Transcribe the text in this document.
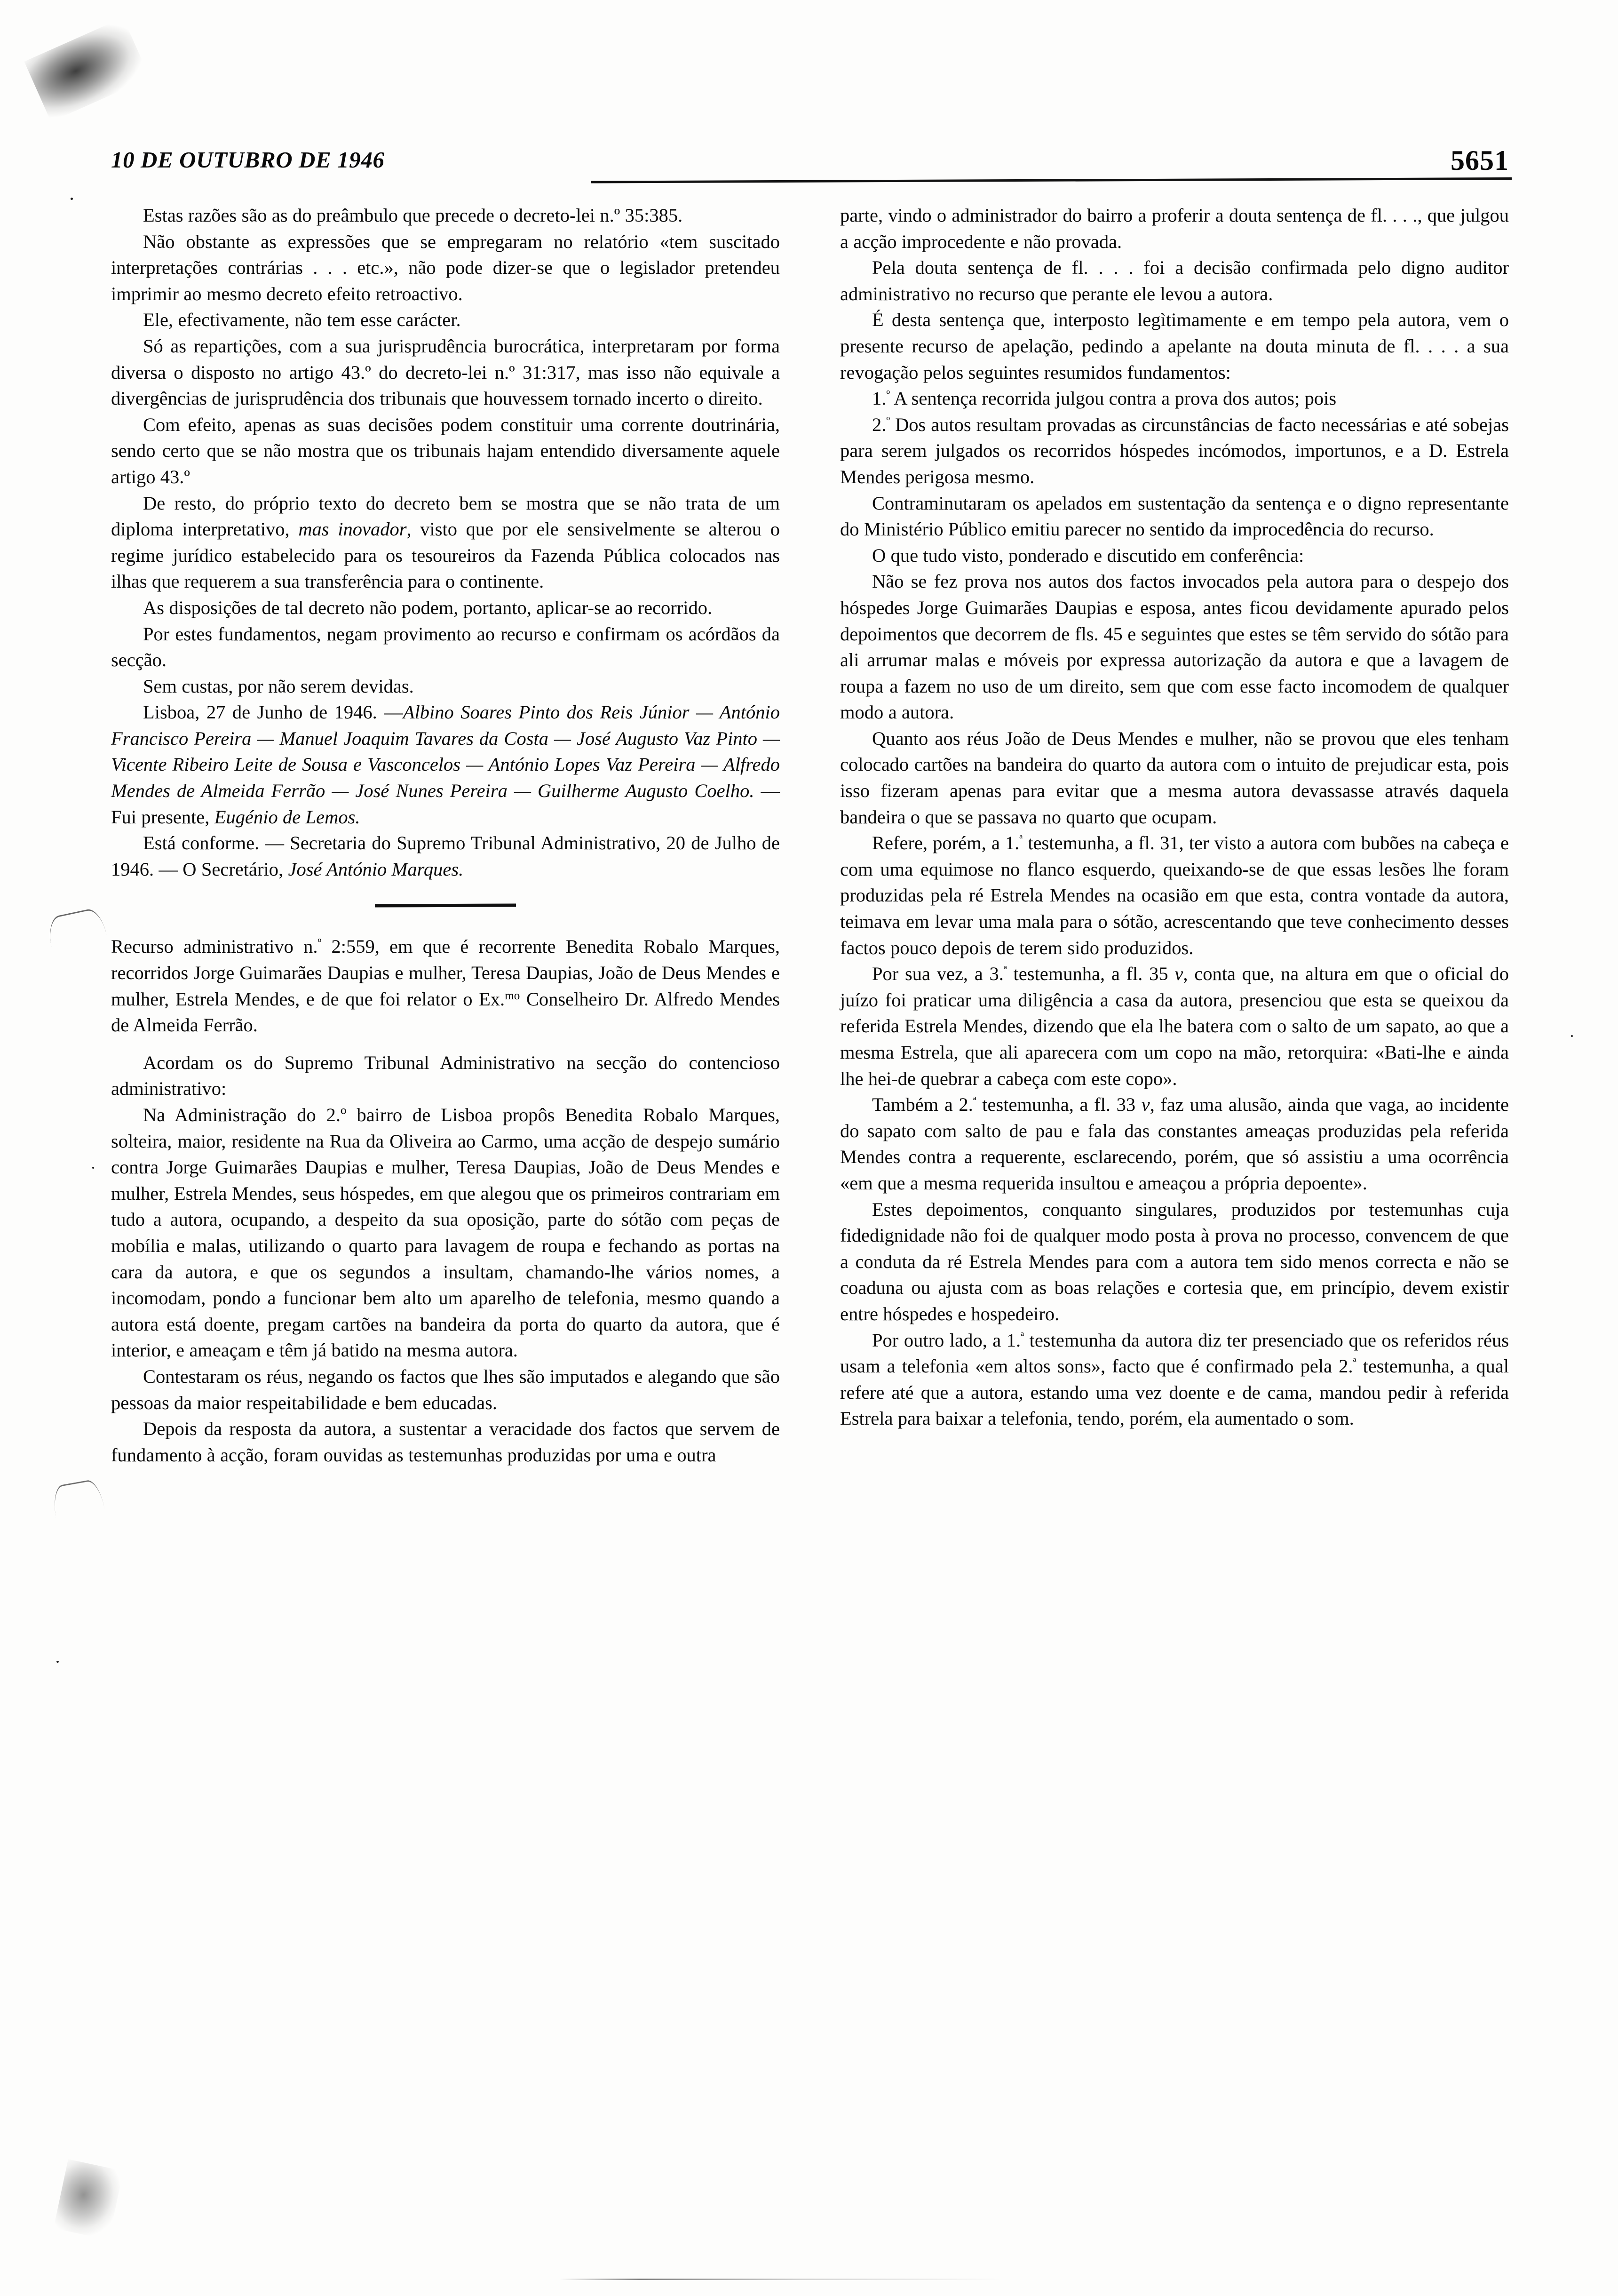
10 DE OUTUBRO DE 1946	5651

Estas razões são as do preâmbulo que precede o decreto-lei n.º 35:385.

Não obstante as expressões que se empregaram no relatório «tem suscitado interpretações contrárias . . . etc.», não pode dizer-se que o legislador pretendeu imprimir ao mesmo decreto efeito retroactivo.

Ele, efectivamente, não tem esse carácter.

Só as repartições, com a sua jurisprudência burocrática, interpretaram por forma diversa o disposto no artigo 43.º do decreto-lei n.º 31:317, mas isso não equivale a divergências de jurisprudência dos tribunais que houvessem tornado incerto o direito.

Com efeito, apenas as suas decisões podem constituir uma corrente doutrinária, sendo certo que se não mostra que os tribunais hajam entendido diversamente aquele artigo 43.º

De resto, do próprio texto do decreto bem se mostra que se não trata de um diploma interpretativo, mas inovador, visto que por ele sensivelmente se alterou o regime jurídico estabelecido para os tesoureiros da Fazenda Pública colocados nas ilhas que requerem a sua transferência para o continente.

As disposições de tal decreto não podem, portanto, aplicar-se ao recorrido.

Por estes fundamentos, negam provimento ao recurso e confirmam os acórdãos da secção.

Sem custas, por não serem devidas.

Lisboa, 27 de Junho de 1946. —Albino Soares Pinto dos Reis Júnior — António Francisco Pereira — Manuel Joaquim Tavares da Costa — José Augusto Vaz Pinto — Vicente Ribeiro Leite de Sousa e Vasconcelos — António Lopes Vaz Pereira — Alfredo Mendes de Almeida Ferrão — José Nunes Pereira — Guilherme Augusto Coelho. — Fui presente, Eugénio de Lemos.

Está conforme. — Secretaria do Supremo Tribunal Administrativo, 20 de Julho de 1946. — O Secretário, José António Marques.

Recurso administrativo n.$^º$ 2:559, em que é recorrente Benedita Robalo Marques, recorridos Jorge Guimarães Daupias e mulher, Teresa Daupias, João de Deus Mendes e mulher, Estrela Mendes, e de que foi relator o Ex.$^{mo}$ Conselheiro Dr. Alfredo Mendes de Almeida Ferrão.

Acordam os do Supremo Tribunal Administrativo na secção do contencioso administrativo:

Na Administração do 2.º bairro de Lisboa propôs Benedita Robalo Marques, solteira, maior, residente na Rua da Oliveira ao Carmo, uma acção de despejo sumário contra Jorge Guimarães Daupias e mulher, Teresa Daupias, João de Deus Mendes e mulher, Estrela Mendes, seus hóspedes, em que alegou que os primeiros contrariam em tudo a autora, ocupando, a despeito da sua oposição, parte do sótão com peças de mobília e malas, utilizando o quarto para lavagem de roupa e fechando as portas na cara da autora, e que os segundos a insultam, chamando-lhe vários nomes, a incomodam, pondo a funcionar bem alto um aparelho de telefonia, mesmo quando a autora está doente, pregam cartões na bandeira da porta do quarto da autora, que é interior, e ameaçam e têm já batido na mesma autora.

Contestaram os réus, negando os factos que lhes são imputados e alegando que são pessoas da maior respeitabilidade e bem educadas.

Depois da resposta da autora, a sustentar a veracidade dos factos que servem de fundamento à acção, foram ouvidas as testemunhas produzidas por uma e outra

parte, vindo o administrador do bairro a proferir a douta sentença de fl. . . ., que julgou a acção improcedente e não provada.

Pela douta sentença de fl. . . . foi a decisão confirmada pelo digno auditor administrativo no recurso que perante ele levou a autora.

É desta sentença que, interposto legìtimamente e em tempo pela autora, vem o presente recurso de apelação, pedindo a apelante na douta minuta de fl. . . . a sua revogação pelos seguintes resumidos fundamentos:

1.$^º$ A sentença recorrida julgou contra a prova dos autos; pois

2.$^º$ Dos autos resultam provadas as circunstâncias de facto necessárias e até sobejas para serem julgados os recorridos hóspedes incómodos, importunos, e a D. Estrela Mendes perigosa mesmo.

Contraminutaram os apelados em sustentação da sentença e o digno representante do Ministério Público emitiu parecer no sentido da improcedência do recurso.

O que tudo visto, ponderado e discutido em conferência:

Não se fez prova nos autos dos factos invocados pela autora para o despejo dos hóspedes Jorge Guimarães Daupias e esposa, antes ficou devidamente apurado pelos depoimentos que decorrem de fls. 45 e seguintes que estes se têm servido do sótão para ali arrumar malas e móveis por expressa autorização da autora e que a lavagem de roupa a fazem no uso de um direito, sem que com esse facto incomodem de qualquer modo a autora.

Quanto aos réus João de Deus Mendes e mulher, não se provou que eles tenham colocado cartões na bandeira do quarto da autora com o intuito de prejudicar esta, pois isso fizeram apenas para evitar que a mesma autora devassasse através daquela bandeira o que se passava no quarto que ocupam.

Refere, porém, a 1.$^ª$ testemunha, a fl. 31, ter visto a autora com bubões na cabeça e com uma equimose no flanco esquerdo, queixando-se de que essas lesões lhe foram produzidas pela ré Estrela Mendes na ocasião em que esta, contra vontade da autora, teimava em levar uma mala para o sótão, acrescentando que teve conhecimento desses factos pouco depois de terem sido produzidos.

Por sua vez, a 3.$^ª$ testemunha, a fl. 35 v, conta que, na altura em que o oficial do juízo foi praticar uma diligência a casa da autora, presenciou que esta se queixou da referida Estrela Mendes, dizendo que ela lhe batera com o salto de um sapato, ao que a mesma Estrela, que ali aparecera com um copo na mão, retorquira: «Bati-lhe e ainda lhe hei-de quebrar a cabeça com este copo».

Também a 2.$^ª$ testemunha, a fl. 33 v, faz uma alusão, ainda que vaga, ao incidente do sapato com salto de pau e fala das constantes ameaças produzidas pela referida Mendes contra a requerente, esclarecendo, porém, que só assistiu a uma ocorrência «em que a mesma requerida insultou e ameaçou a própria depoente».

Estes depoimentos, conquanto singulares, produzidos por testemunhas cuja fidedignidade não foi de qualquer modo posta à prova no processo, convencem de que a conduta da ré Estrela Mendes para com a autora tem sido menos correcta e não se coaduna ou ajusta com as boas relações e cortesia que, em princípio, devem existir entre hóspedes e hospedeiro.

Por outro lado, a 1.$^ª$ testemunha da autora diz ter presenciado que os referidos réus usam a telefonia «em altos sons», facto que é confirmado pela 2.$^ª$ testemunha, a qual refere até que a autora, estando uma vez doente e de cama, mandou pedir à referida Estrela para baixar a telefonia, tendo, porém, ela aumentado o som.
